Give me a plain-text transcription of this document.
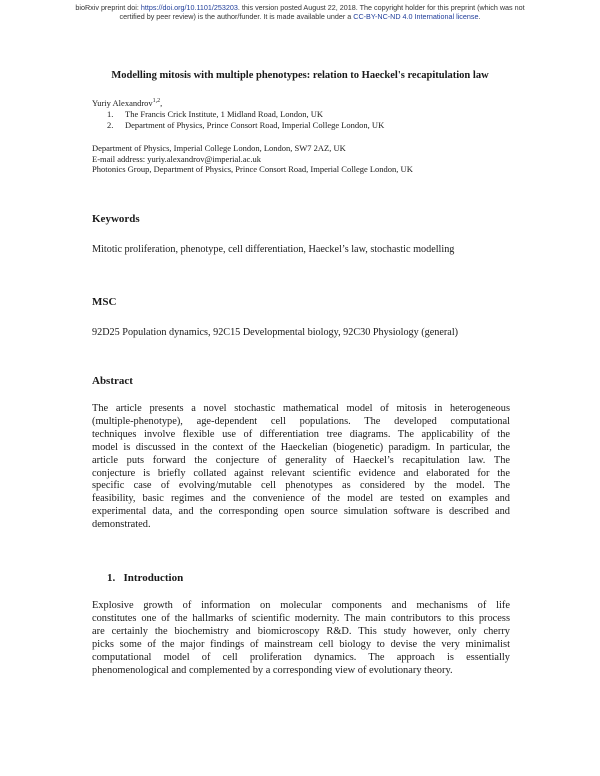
bioRxiv preprint doi: https://doi.org/10.1101/253203. this version posted August 22, 2018. The copyright holder for this preprint (which was not
certified by peer review) is the author/funder. It is made available under a CC-BY-NC-ND 4.0 International license.
Modelling mitosis with multiple phenotypes: relation to Haeckel's recapitulation law
Yuriy Alexandrov$^{1,2}$,
1. The Francis Crick Institute, 1 Midland Road, London, UK
2. Department of Physics, Prince Consort Road, Imperial College London, UK
Department of Physics, Imperial College London, London, SW7 2AZ, UK
E-mail address: yuriy.alexandrov@imperial.ac.uk
Photonics Group, Department of Physics, Prince Consort Road, Imperial College London, UK
Keywords
Mitotic proliferation, phenotype, cell differentiation, Haeckel’s law, stochastic modelling
MSC
92D25 Population dynamics, 92C15 Developmental biology, 92C30 Physiology (general)
Abstract
The article presents a novel stochastic mathematical model of mitosis in heterogeneous
(multiple-phenotype), age-dependent cell populations. The developed computational
techniques involve flexible use of differentiation tree diagrams. The applicability of the
model is discussed in the context of the Haeckelian (biogenetic) paradigm. In particular, the
article puts forward the conjecture of generality of Haeckel’s recapitulation law. The
conjecture is briefly collated against relevant scientific evidence and elaborated for the
specific case of evolving/mutable cell phenotypes as considered by the model. The
feasibility, basic regimes and the convenience of the model are tested on examples and
experimental data, and the corresponding open source simulation software is described and
demonstrated.
1.   Introduction
Explosive growth of information on molecular components and mechanisms of life
constitutes one of the hallmarks of scientific modernity. The main contributors to this process
are certainly the biochemistry and biomicroscopy R&D. This study however, only cherry
picks some of the major findings of mainstream cell biology to devise the very minimalist
computational model of cell proliferation dynamics. The approach is essentially
phenomenological and complemented by a corresponding view of evolutionary theory.
